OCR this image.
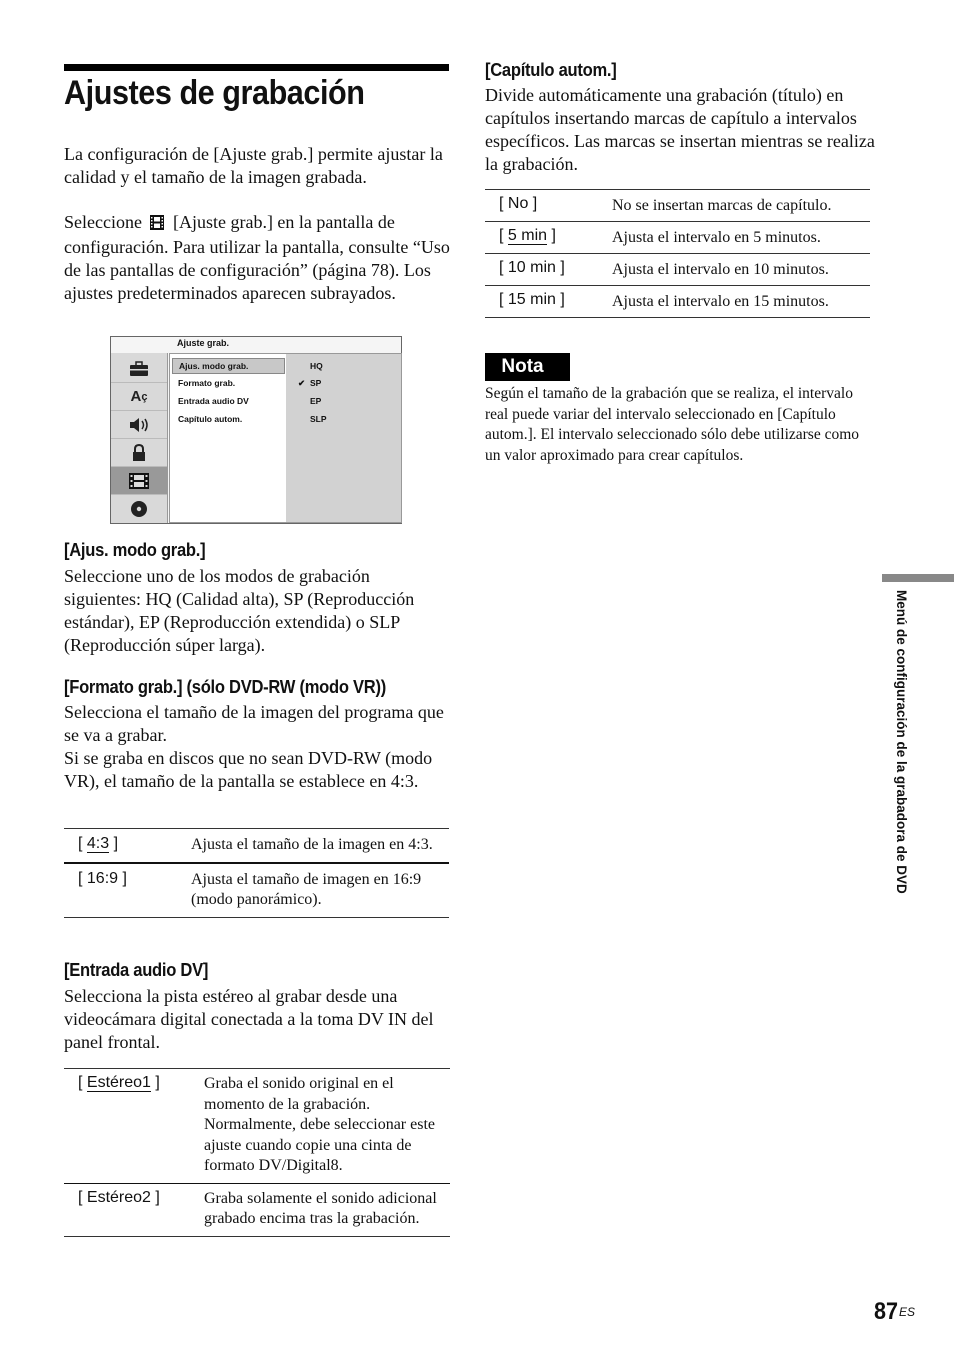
Ajustes de grabación
La configuración de [Ajuste grab.] permite ajustar la calidad y el tamaño de la imagen grabada.
Seleccione [Ajuste grab.] en la pantalla de configuración. Para utilizar la pantalla, consulte “Uso de las pantallas de configuración” (página 78). Los ajustes predeterminados aparecen subrayados.
Ajuste grab.
A ç
Ajus. modo grab.
Formato grab.
Entrada audio DV
Capítulo autom.
HQ
✔ SP
EP
SLP
[Ajus. modo grab.]
Seleccione uno de los modos de grabación siguientes: HQ (Calidad alta), SP (Reproducción estándar), EP (Reproducción extendida) o SLP (Reproducción súper larga).
[Formato grab.] (sólo DVD-RW (modo VR))
Selecciona el tamaño de la imagen del programa que se va a grabar.
Si se graba en discos que no sean DVD-RW (modo VR), el tamaño de la pantalla se establece en 4:3.
[ 4:3 ]	Ajusta el tamaño de la imagen en 4:3.
[ 16:9 ]	Ajusta el tamaño de imagen en 16:9 (modo panorámico).
[Entrada audio DV]
Selecciona la pista estéreo al grabar desde una videocámara digital conectada a la toma DV IN del panel frontal.
[ Estéreo1 ]	Graba el sonido original en el momento de la grabación. Normalmente, debe seleccionar este ajuste cuando copie una cinta de formato DV/Digital8.
[ Estéreo2 ]	Graba solamente el sonido adicional grabado encima tras la grabación.
[Capítulo autom.]
Divide automáticamente una grabación (título) en capítulos insertando marcas de capítulo a intervalos específicos. Las marcas se insertan mientras se realiza la grabación.
[ No ]	No se insertan marcas de capítulo.
[ 5 min ]	Ajusta el intervalo en 5 minutos.
[ 10 min ]	Ajusta el intervalo en 10 minutos.
[ 15 min ]	Ajusta el intervalo en 15 minutos.
Nota
Según el tamaño de la grabación que se realiza, el intervalo real puede variar del intervalo seleccionado en [Capítulo autom.]. El intervalo seleccionado sólo debe utilizarse como un valor aproximado para crear capítulos.
Menú de configuración de la grabadora de DVD
87 ES
